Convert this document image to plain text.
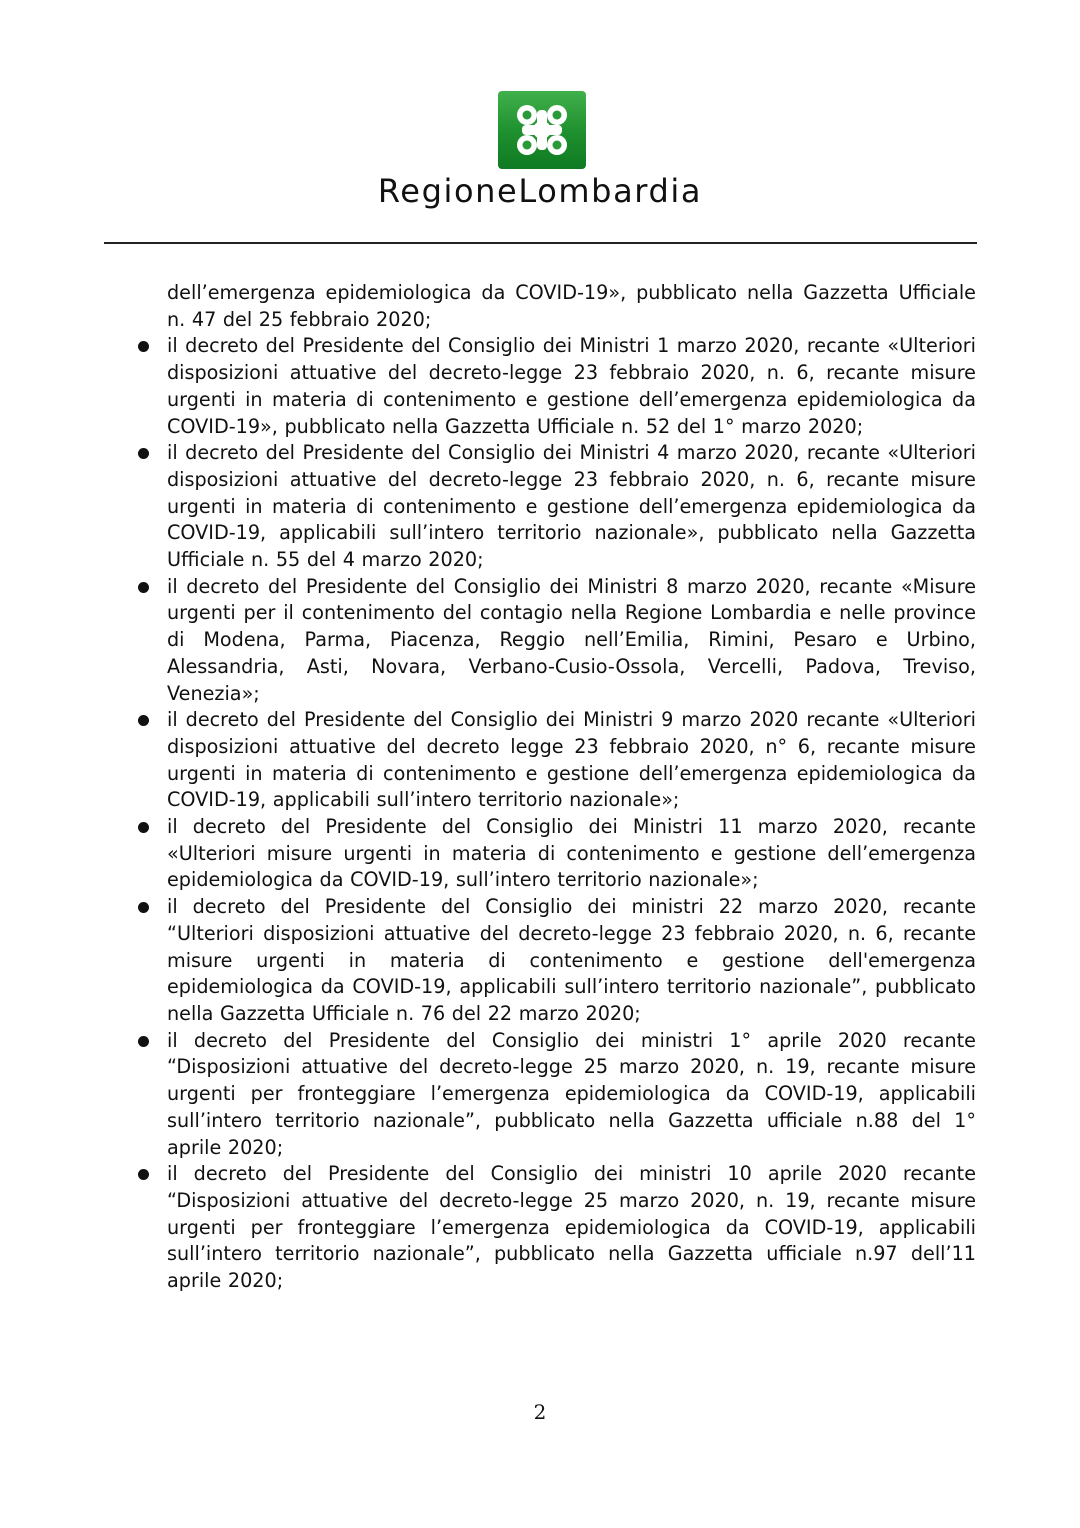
RegioneLombardia

dell’emergenza epidemiologica da COVID-19», pubblicato nella Gazzetta Ufficiale n. 47 del 25 febbraio 2020;

il decreto del Presidente del Consiglio dei Ministri 1 marzo 2020, recante «Ulteriori disposizioni attuative del decreto-legge 23 febbraio 2020, n. 6, recante misure urgenti in materia di contenimento e gestione dell’emergenza epidemiologica da COVID-19», pubblicato nella Gazzetta Ufficiale n. 52 del 1° marzo 2020;
il decreto del Presidente del Consiglio dei Ministri 4 marzo 2020, recante «Ulteriori disposizioni attuative del decreto-legge 23 febbraio 2020, n. 6, recante misure urgenti in materia di contenimento e gestione dell’emergenza epidemiologica da COVID-19, applicabili sull’intero territorio nazionale», pubblicato nella Gazzetta Ufficiale n. 55 del 4 marzo 2020;
il decreto del Presidente del Consiglio dei Ministri 8 marzo 2020, recante «Misure urgenti per il contenimento del contagio nella Regione Lombardia e nelle province di Modena, Parma, Piacenza, Reggio nell’Emilia, Rimini, Pesaro e Urbino, Alessandria, Asti, Novara, Verbano-Cusio-Ossola, Vercelli, Padova, Treviso, Venezia»;
il decreto del Presidente del Consiglio dei Ministri 9 marzo 2020 recante «Ulteriori disposizioni attuative del decreto legge 23 febbraio 2020, n° 6, recante misure urgenti in materia di contenimento e gestione dell’emergenza epidemiologica da COVID-19, applicabili sull’intero territorio nazionale»;
il decreto del Presidente del Consiglio dei Ministri 11 marzo 2020, recante «Ulteriori misure urgenti in materia di contenimento e gestione dell’emergenza epidemiologica da COVID-19, sull’intero territorio nazionale»;
il decreto del Presidente del Consiglio dei ministri 22 marzo 2020, recante “Ulteriori disposizioni attuative del decreto-legge 23 febbraio 2020, n. 6, recante misure urgenti in materia di contenimento e gestione dell'emergenza epidemiologica da COVID-19, applicabili sull’intero territorio nazionale”, pubblicato nella Gazzetta Ufficiale n. 76 del 22 marzo 2020;
il decreto del Presidente del Consiglio dei ministri 1° aprile 2020 recante “Disposizioni attuative del decreto-legge 25 marzo 2020, n. 19, recante misure urgenti per fronteggiare l’emergenza epidemiologica da COVID-19, applicabili sull’intero territorio nazionale”, pubblicato nella Gazzetta ufficiale n.88 del 1° aprile 2020;
il decreto del Presidente del Consiglio dei ministri 10 aprile 2020 recante “Disposizioni attuative del decreto-legge 25 marzo 2020, n. 19, recante misure urgenti per fronteggiare l’emergenza epidemiologica da COVID-19, applicabili sull’intero territorio nazionale”, pubblicato nella Gazzetta ufficiale n.97 dell’11 aprile 2020;
2
